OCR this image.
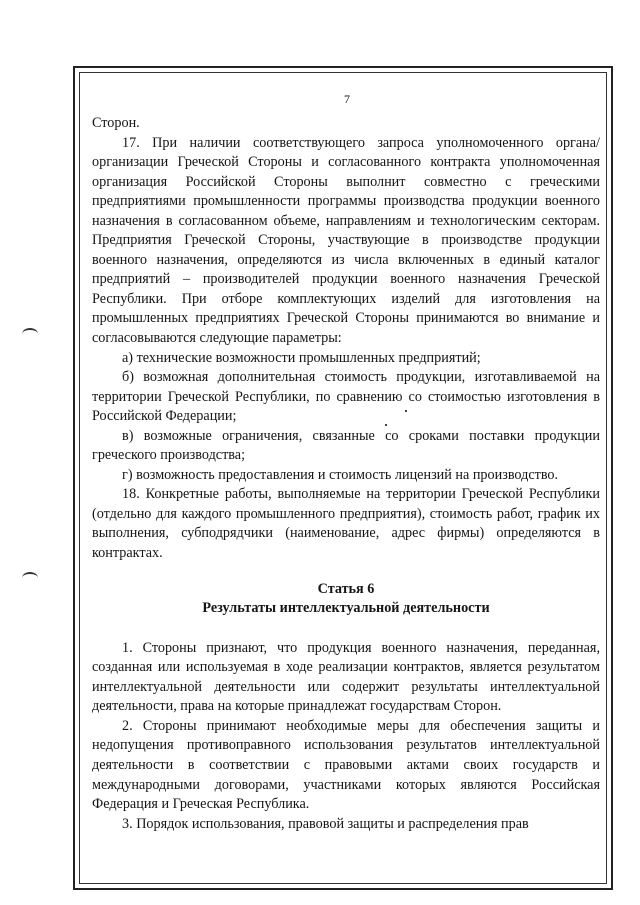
7

Сторон.

17. При наличии соответствующего запроса уполномоченного органа/организации Греческой Стороны и согласованного контракта уполномоченная организация Российской Стороны выполнит совместно с греческими предприятиями промышленности программы производства продукции военного назначения в согласованном объеме, направлениям и технологическим секторам. Предприятия Греческой Стороны, участвующие в производстве продукции военного назначения, определяются из числа включенных в единый каталог предприятий – производителей продукции военного назначения Греческой Республики. При отборе комплектующих изделий для изготовления на промышленных предприятиях Греческой Стороны принимаются во внимание и согласовываются следующие параметры:

а) технические возможности промышленных предприятий;

б) возможная дополнительная стоимость продукции, изготавливаемой на территории Греческой Республики, по сравнению со стоимостью изготовления в Российской Федерации;

в) возможные ограничения, связанные со сроками поставки продукции греческого производства;

г) возможность предоставления и стоимость лицензий на производство.

18. Конкретные работы, выполняемые на территории Греческой Республики (отдельно для каждого промышленного предприятия), стоимость работ, график их выполнения, субподрядчики (наименование, адрес фирмы) определяются в контрактах.

Статья 6

Результаты интеллектуальной деятельности

1. Стороны признают, что продукция военного назначения, переданная, созданная или используемая в ходе реализации контрактов, является результатом интеллектуальной деятельности или содержит результаты интеллектуальной деятельности, права на которые принадлежат государствам Сторон.

2. Стороны принимают необходимые меры для обеспечения защиты и недопущения противоправного использования результатов интеллектуальной деятельности в соответствии с правовыми актами своих государств и международными договорами, участниками которых являются Российская Федерация и Греческая Республика.

3. Порядок использования, правовой защиты и распределения прав
